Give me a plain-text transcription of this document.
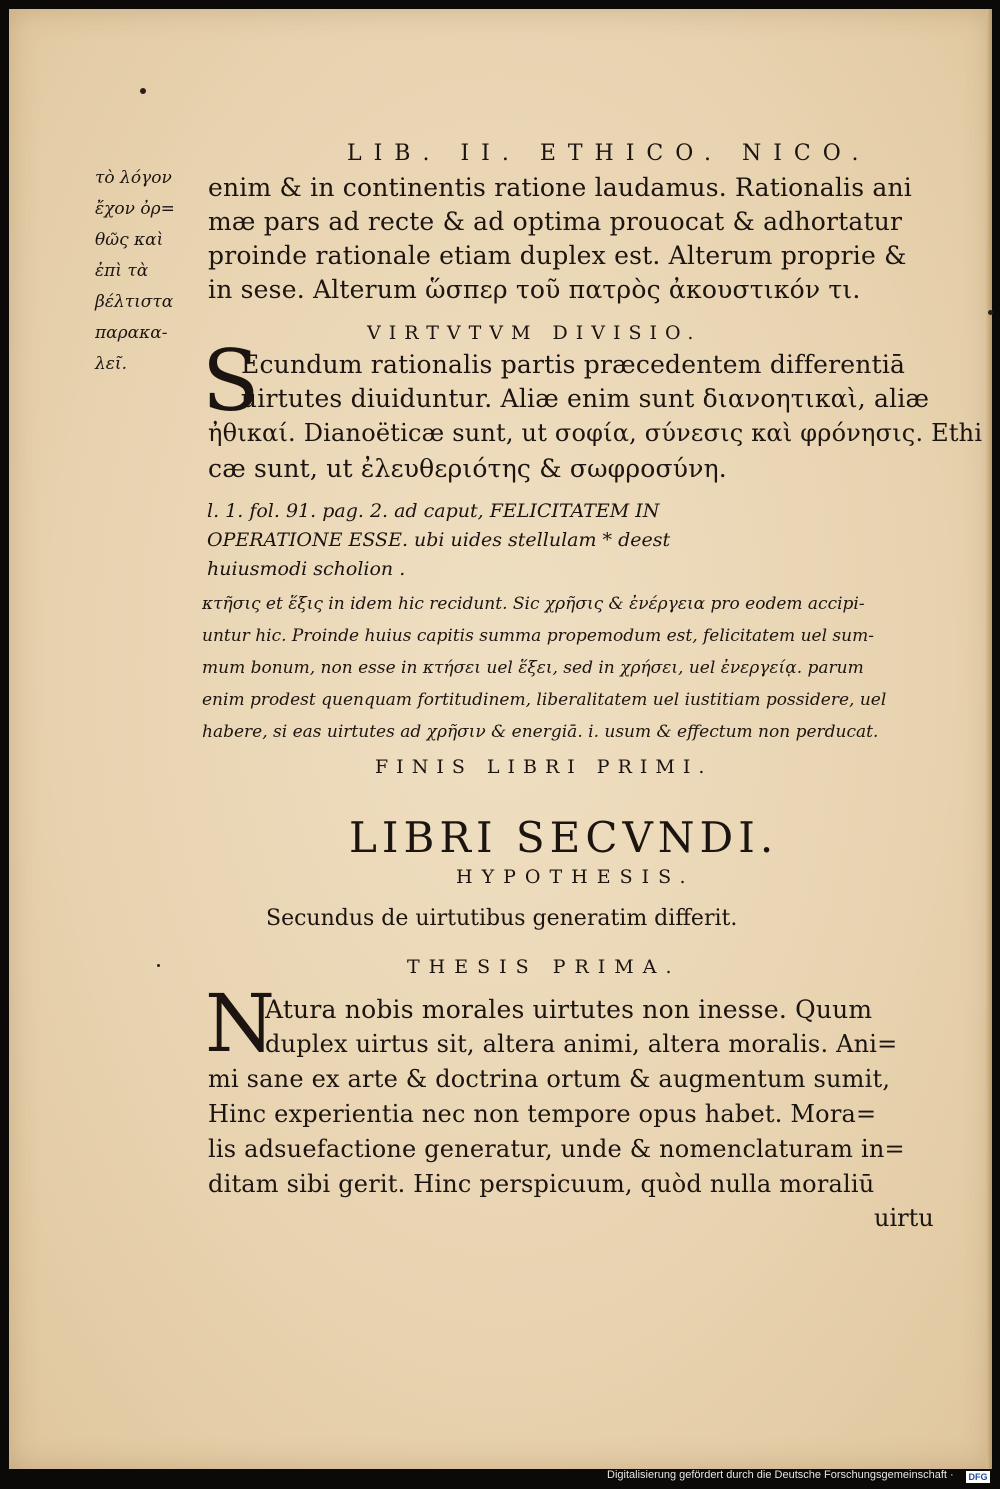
LIB. II. ETHICO. NICO.
τὸ λόγον
ἔχον ὀρ=
θῶς καὶ
ἐπὶ τὰ
βέλτιστα
παρακα-
λεῖ.
enim & in continentis ratione laudamus. Rationalis ani
mæ pars ad recte & ad optima prouocat & adhortatur
proinde rationale etiam duplex est. Alterum proprie &
in sese. Alterum ὥσπερ τοῦ πατρὸς ἀκουστικόν τι.
VIRTVTVM DIVISIO.
S
Ecundum rationalis partis præcedentem differentiā
uirtutes diuiduntur. Aliæ enim sunt διανοητικαὶ, aliæ
ἠθικαί. Dianoëticæ sunt, ut σοφία, σύνεσις καὶ φρόνησις. Ethi
cæ sunt, ut ἐλευθεριότης & σωφροσύνη.
l. 1. fol. 91. pag. 2. ad caput, FELICITATEM IN
OPERATIONE ESSE. ubi uides stellulam * deest
huiusmodi scholion .
κτῆσις et ἕξις in idem hic recidunt. Sic χρῆσις & ἐνέργεια pro eodem accipi-
untur hic. Proinde huius capitis summa propemodum est, felicitatem uel sum-
mum bonum, non esse in κτήσει uel ἕξει, sed in χρήσει, uel ἐνεργείᾳ. parum
enim prodest quenquam fortitudinem, liberalitatem uel iustitiam possidere, uel
habere, si eas uirtutes ad χρῆσιν & energiā. i. usum & effectum non perducat.
FINIS LIBRI PRIMI.
LIBRI SECVNDI.
HYPOTHESIS.
Secundus de uirtutibus generatim differit.
THESIS PRIMA.
N
Atura nobis morales uirtutes non inesse. Quum
duplex uirtus sit, altera animi, altera moralis. Ani=
mi sane ex arte & doctrina ortum & augmentum sumit,
Hinc experientia nec non tempore opus habet. Mora=
lis adsuefactione generatur, unde & nomenclaturam in=
ditam sibi gerit. Hinc perspicuum, quòd nulla moraliū
uirtu
Digitalisierung gefördert durch die Deutsche Forschungsgemeinschaft · DFG
